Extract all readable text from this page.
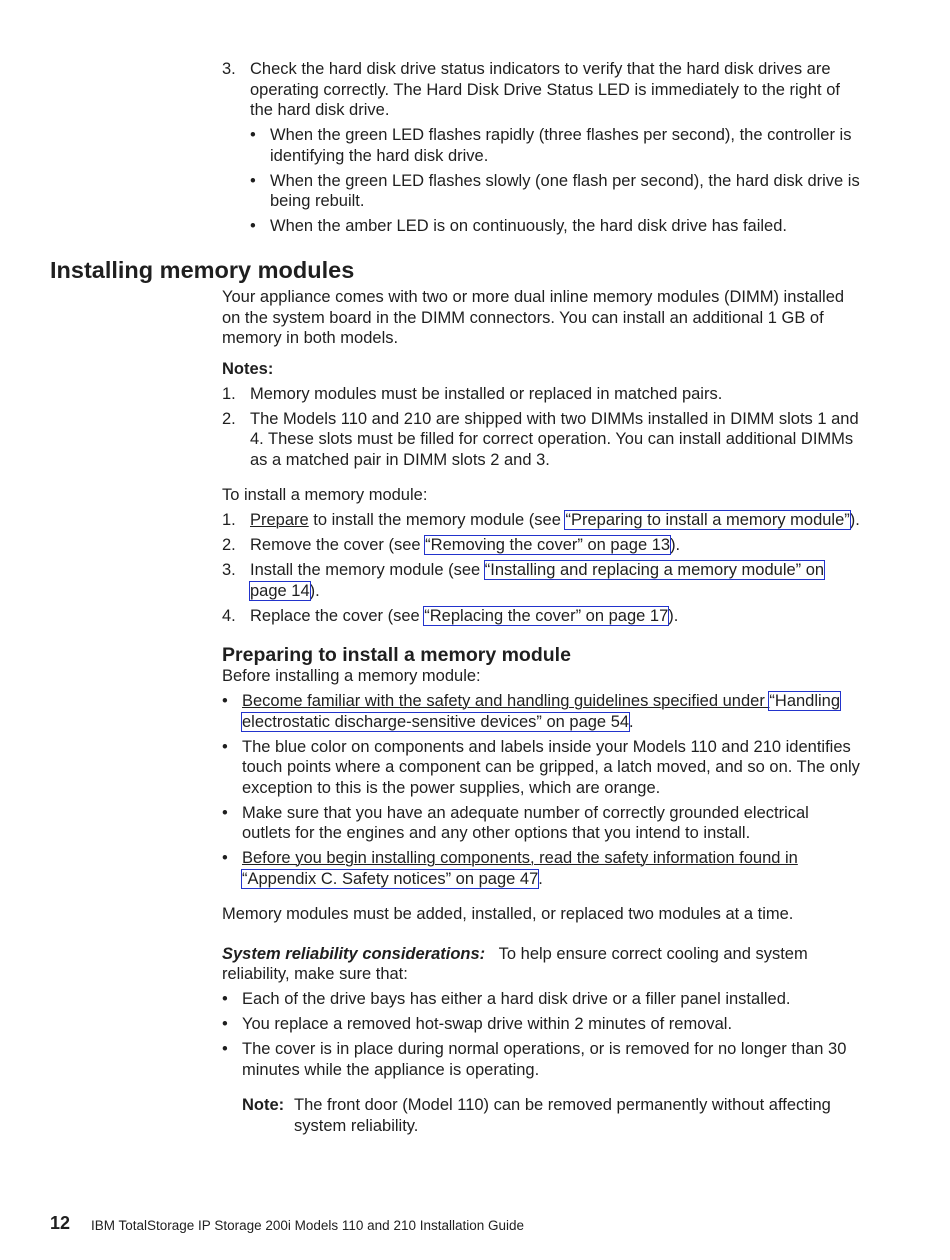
3. Check the hard disk drive status indicators to verify that the hard disk drives are operating correctly. The Hard Disk Drive Status LED is immediately to the right of the hard disk drive.
• When the green LED flashes rapidly (three flashes per second), the controller is identifying the hard disk drive.
• When the green LED flashes slowly (one flash per second), the hard disk drive is being rebuilt.
• When the amber LED is on continuously, the hard disk drive has failed.
Installing memory modules
Your appliance comes with two or more dual inline memory modules (DIMM) installed on the system board in the DIMM connectors. You can install an additional 1 GB of memory in both models.
Notes:
1. Memory modules must be installed or replaced in matched pairs.
2. The Models 110 and 210 are shipped with two DIMMs installed in DIMM slots 1 and 4. These slots must be filled for correct operation. You can install additional DIMMs as a matched pair in DIMM slots 2 and 3.
To install a memory module:
1. Prepare to install the memory module (see “Preparing to install a memory module”).
2. Remove the cover (see “Removing the cover” on page 13).
3. Install the memory module (see “Installing and replacing a memory module” on page 14).
4. Replace the cover (see “Replacing the cover” on page 17).
Preparing to install a memory module
Before installing a memory module:
• Become familiar with the safety and handling guidelines specified under “Handling electrostatic discharge-sensitive devices” on page 54.
• The blue color on components and labels inside your Models 110 and 210 identifies touch points where a component can be gripped, a latch moved, and so on. The only exception to this is the power supplies, which are orange.
• Make sure that you have an adequate number of correctly grounded electrical outlets for the engines and any other options that you intend to install.
• Before you begin installing components, read the safety information found in “Appendix C. Safety notices” on page 47.
Memory modules must be added, installed, or replaced two modules at a time.
System reliability considerations: To help ensure correct cooling and system reliability, make sure that:
• Each of the drive bays has either a hard disk drive or a filler panel installed.
• You replace a removed hot-swap drive within 2 minutes of removal.
• The cover is in place during normal operations, or is removed for no longer than 30 minutes while the appliance is operating.
Note: The front door (Model 110) can be removed permanently without affecting system reliability.
12 IBM TotalStorage IP Storage 200i Models 110 and 210 Installation Guide
